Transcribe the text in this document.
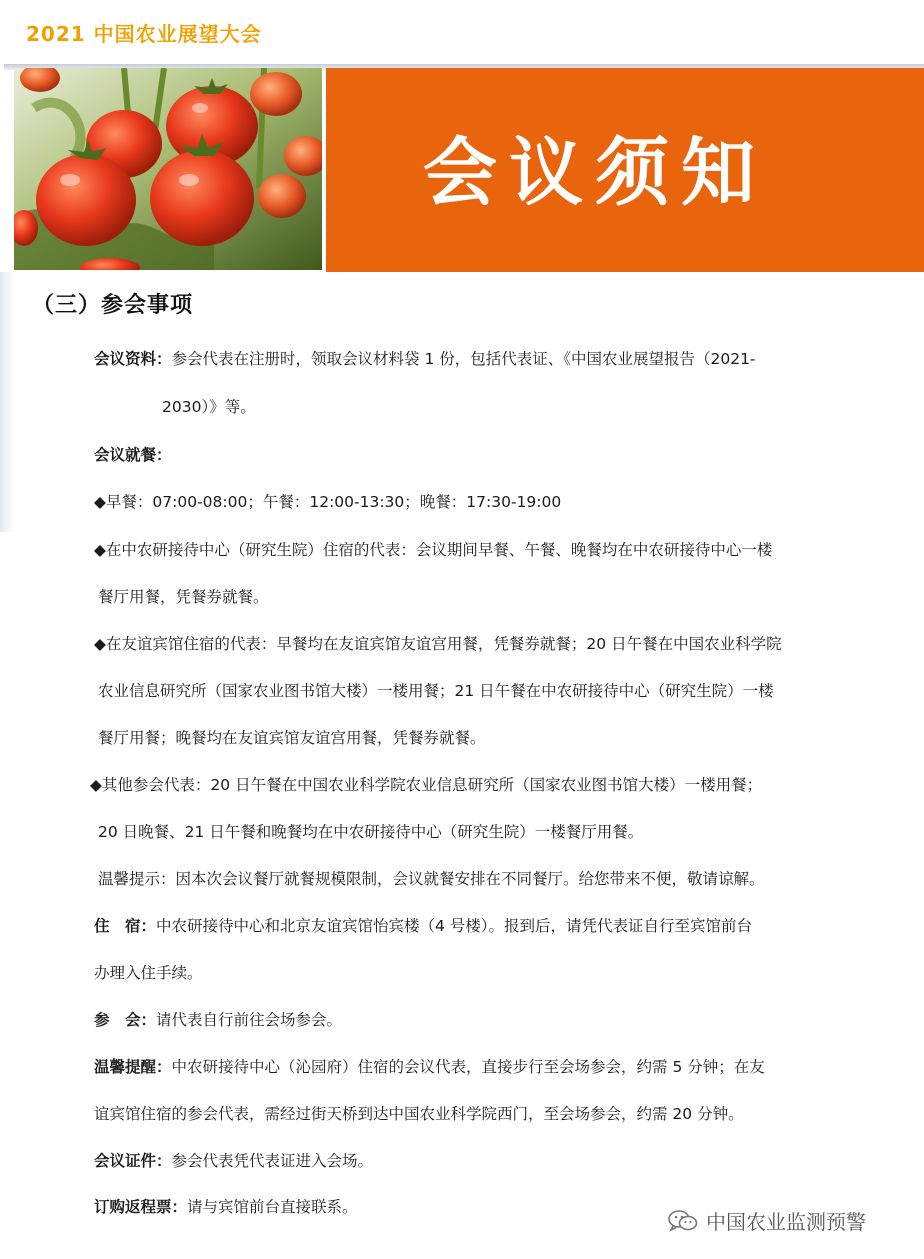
2021 中国农业展望大会
会议须知
（三）参会事项
会议资料：参会代表在注册时，领取会议材料袋 1 份，包括代表证、《中国农业展望报告（2021-
2030）》等。
会议就餐：
◆早餐：07:00-08:00；午餐：12:00-13:30；晚餐：17:30-19:00
◆在中农研接待中心（研究生院）住宿的代表：会议期间早餐、午餐、晚餐均在中农研接待中心一楼
餐厅用餐，凭餐券就餐。
◆在友谊宾馆住宿的代表：早餐均在友谊宾馆友谊宫用餐，凭餐券就餐；20 日午餐在中国农业科学院
农业信息研究所（国家农业图书馆大楼）一楼用餐；21 日午餐在中农研接待中心（研究生院）一楼
餐厅用餐；晚餐均在友谊宾馆友谊宫用餐，凭餐券就餐。
◆其他参会代表：20 日午餐在中国农业科学院农业信息研究所（国家农业图书馆大楼）一楼用餐；
20 日晚餐、21 日午餐和晚餐均在中农研接待中心（研究生院）一楼餐厅用餐。
温馨提示：因本次会议餐厅就餐规模限制，会议就餐安排在不同餐厅。给您带来不便，敬请谅解。
住　宿：中农研接待中心和北京友谊宾馆怡宾楼（4 号楼）。报到后，请凭代表证自行至宾馆前台
办理入住手续。
参　会：请代表自行前往会场参会。
温馨提醒：中农研接待中心（沁园府）住宿的会议代表，直接步行至会场参会，约需 5 分钟；在友
谊宾馆住宿的参会代表，需经过街天桥到达中国农业科学院西门，至会场参会，约需 20 分钟。
会议证件：参会代表凭代表证进入会场。
订购返程票：请与宾馆前台直接联系。
中国农业监测预警
